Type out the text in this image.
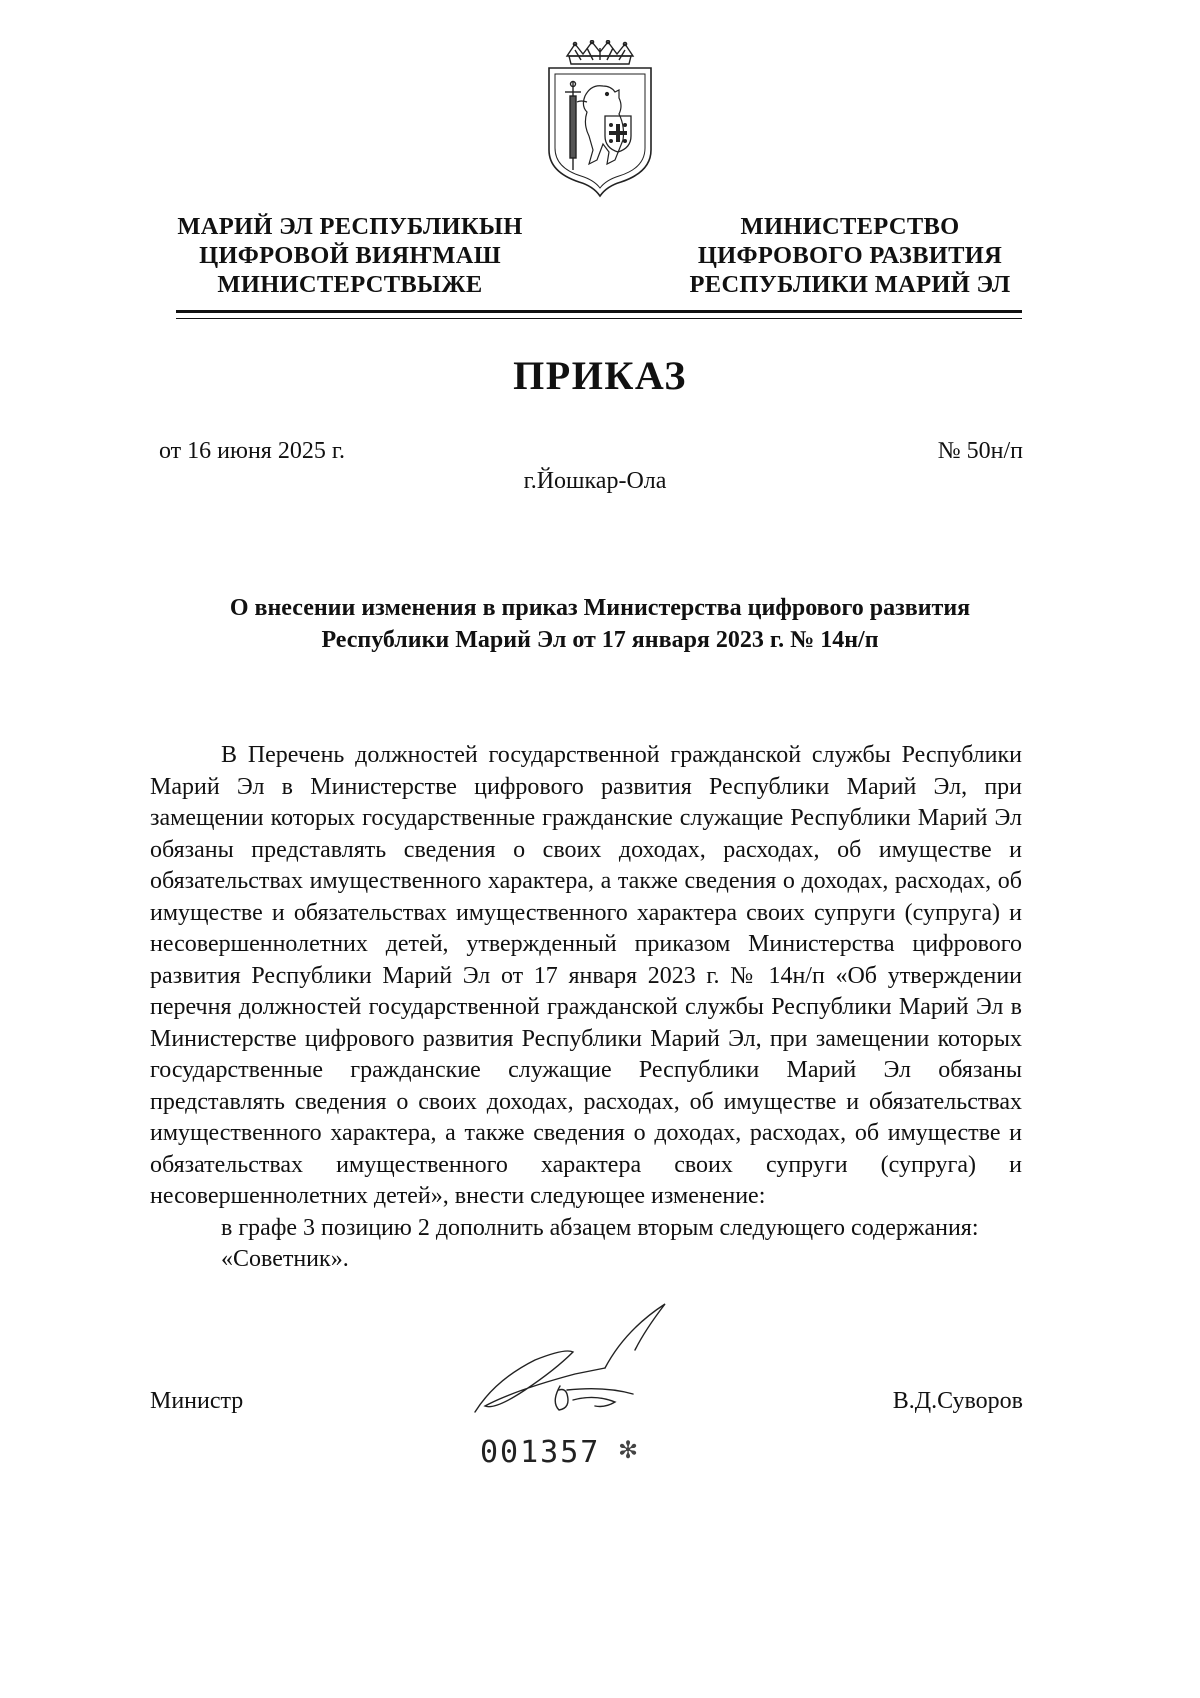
МАРИЙ ЭЛ РЕСПУБЛИКЫН
ЦИФРОВОЙ ВИЯҤМАШ
МИНИСТЕРСТВЫЖЕ
МИНИСТЕРСТВО
ЦИФРОВОГО РАЗВИТИЯ
РЕСПУБЛИКИ МАРИЙ ЭЛ
ПРИКАЗ
от 16 июня 2025 г.	№ 50н/п
г.Йошкар-Ола
О внесении изменения в приказ Министерства цифрового развития
Республики Марий Эл от 17 января 2023 г. № 14н/п

В Перечень должностей государственной гражданской службы Республики Марий Эл в Министерстве цифрового развития Республики Марий Эл, при замещении которых государственные гражданские служащие Республики Марий Эл обязаны представлять сведения о своих доходах, расходах, об имуществе и обязательствах имущественного характера, а также сведения о доходах, расходах, об имуществе и обязательствах имущественного характера своих супруги (супруга) и несовершеннолетних детей, утвержденный приказом Министерства цифрового развития Республики Марий Эл от 17 января 2023 г. № 14н/п «Об утверждении перечня должностей государственной гражданской службы Республики Марий Эл в Министерстве цифрового развития Республики Марий Эл, при замещении которых государственные гражданские служащие Республики Марий Эл обязаны представлять сведения о своих доходах, расходах, об имуществе и обязательствах имущественного характера, а также сведения о доходах, расходах, об имуществе и обязательствах имущественного характера своих супруги (супруга) и несовершеннолетних детей», внести следующее изменение:

в графе 3 позицию 2 дополнить абзацем вторым следующего содержания:

«Советник».

Министр	В.Д.Суворов
001357 ✻
